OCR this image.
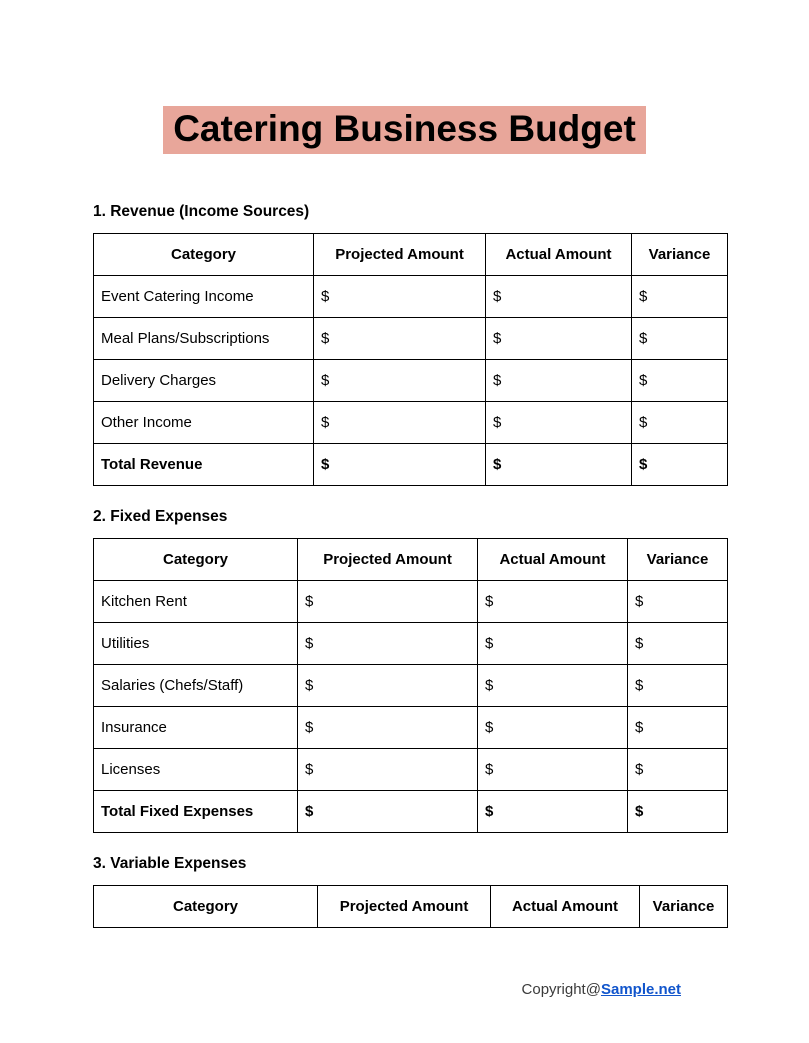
Catering Business Budget
1. Revenue (Income Sources)
Category	Projected Amount	Actual Amount	Variance
Event Catering Income	$	$	$
Meal Plans/Subscriptions	$	$	$
Delivery Charges	$	$	$
Other Income	$	$	$
Total Revenue	$	$	$
2. Fixed Expenses
Category	Projected Amount	Actual Amount	Variance
Kitchen Rent	$	$	$
Utilities	$	$	$
Salaries (Chefs/Staff)	$	$	$
Insurance	$	$	$
Licenses	$	$	$
Total Fixed Expenses	$	$	$
3. Variable Expenses
Category	Projected Amount	Actual Amount	Variance
Copyright@Sample.net
